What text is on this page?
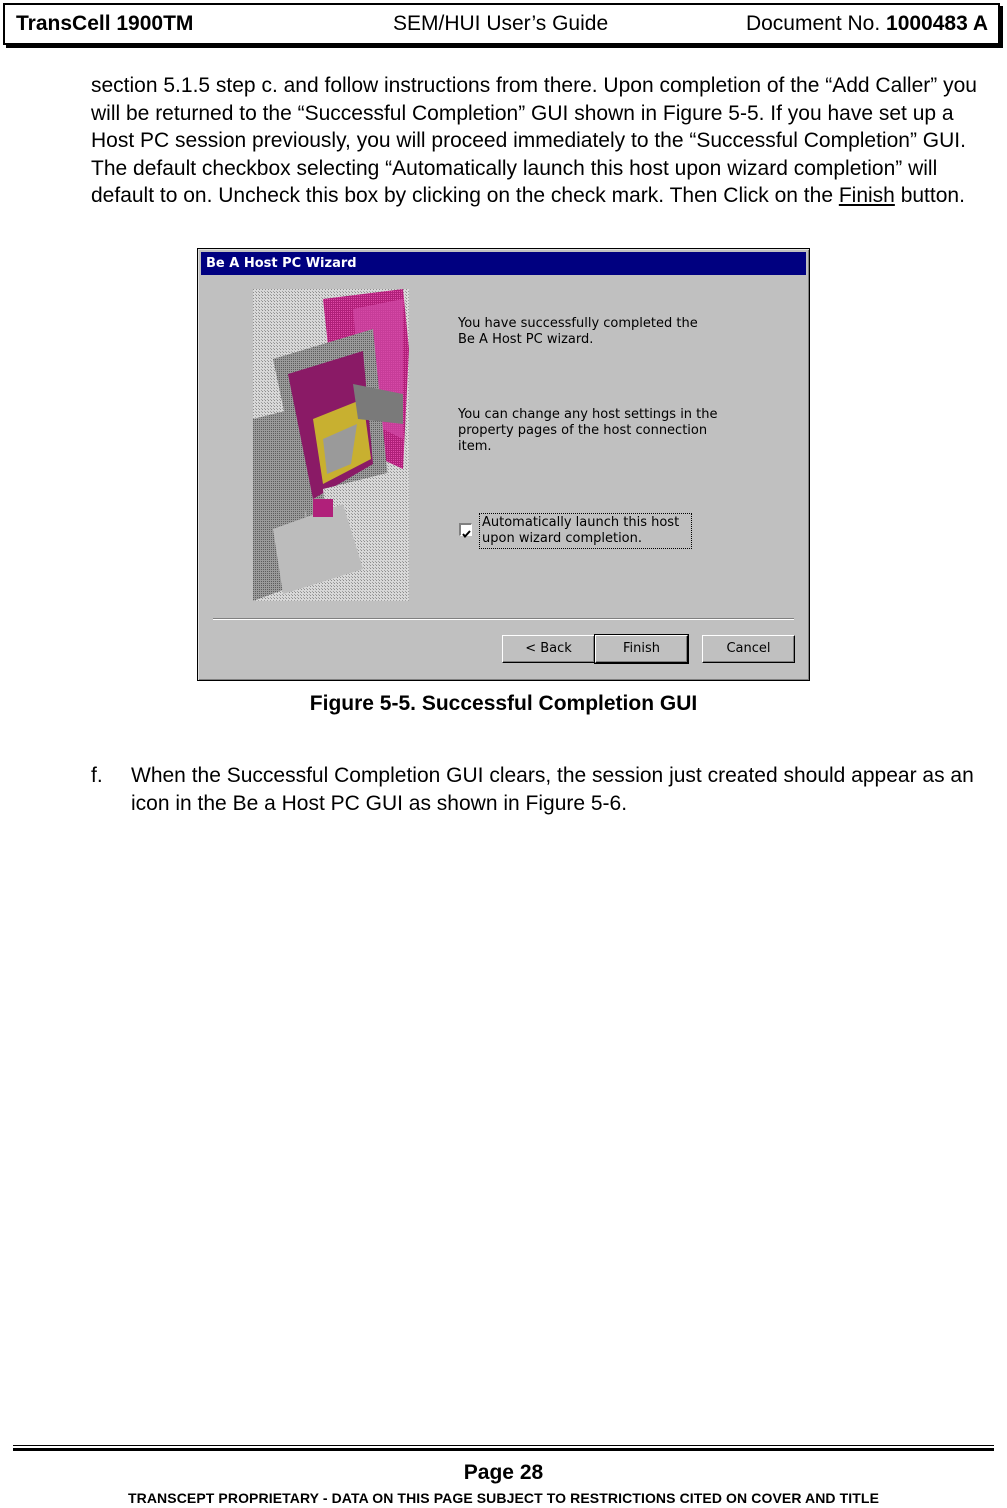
TransCell 1900TM	SEM/HUI User’s Guide	Document No. 1000483 A

section 5.1.5 step c. and follow instructions from there. Upon completion of the “Add Caller” you will be returned to the “Successful Completion” GUI shown in Figure 5-5. If you have set up a Host PC session previously, you will proceed immediately to the “Successful Completion” GUI. The default checkbox selecting “Automatically launch this host upon wizard completion” will default to on. Uncheck this box by clicking on the check mark. Then Click on the Finish button.

Be A Host PC Wizard

You have successfully completed the Be A Host PC wizard.

You can change any host settings in the property pages of the host connection item.

Automatically launch this host upon wizard completion.
< Back	Finish	Cancel

Figure 5-5. Successful Completion GUI

f. When the Successful Completion GUI clears, the session just created should appear as an icon in the Be a Host PC GUI as shown in Figure 5-6.

Page 28

TRANSCEPT PROPRIETARY - DATA ON THIS PAGE SUBJECT TO RESTRICTIONS CITED ON COVER AND TITLE
